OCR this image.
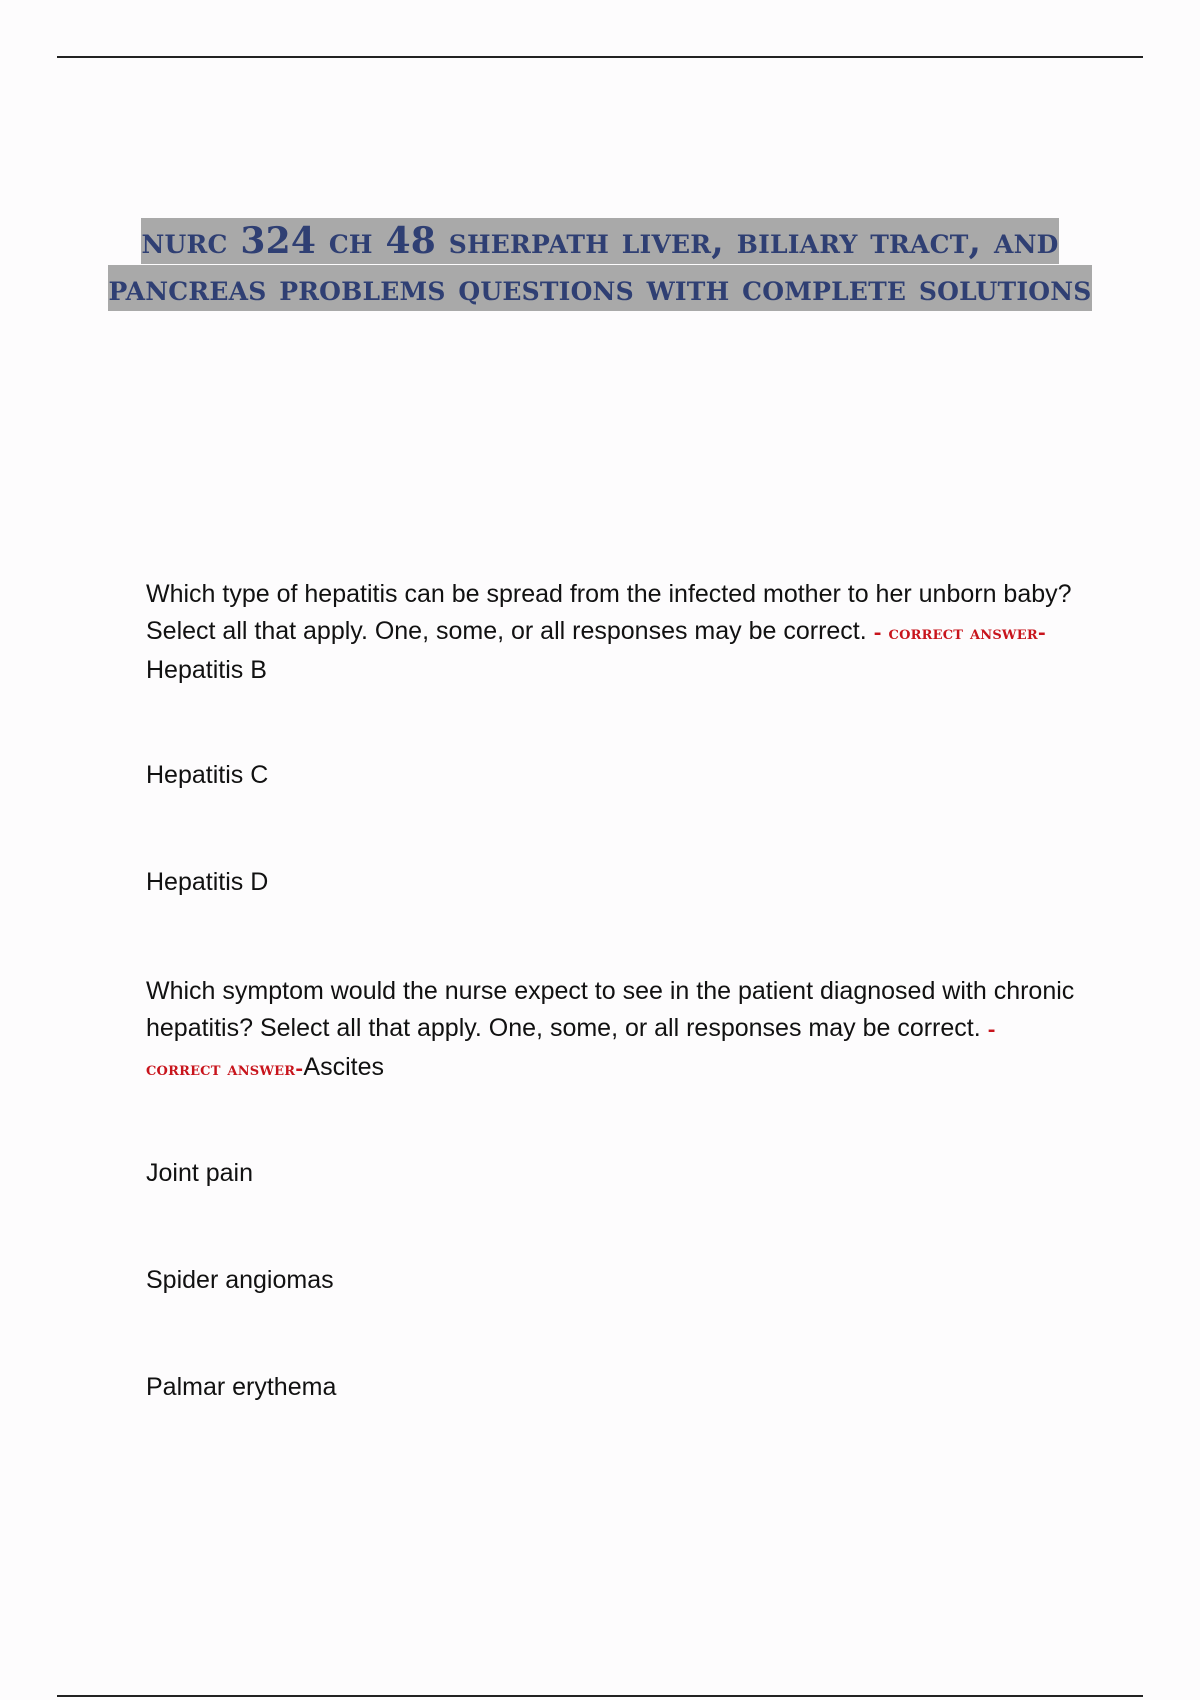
nurc 324 ch 48 sherpath liver, biliary tract, and pancreas problems questions with complete solutions
Which type of hepatitis can be spread from the infected mother to her unborn baby? Select all that apply. One, some, or all responses may be correct. - correct answer-Hepatitis B
Hepatitis C
Hepatitis D
Which symptom would the nurse expect to see in the patient diagnosed with chronic hepatitis? Select all that apply. One, some, or all responses may be correct. - correct answer-Ascites
Joint pain
Spider angiomas
Palmar erythema
